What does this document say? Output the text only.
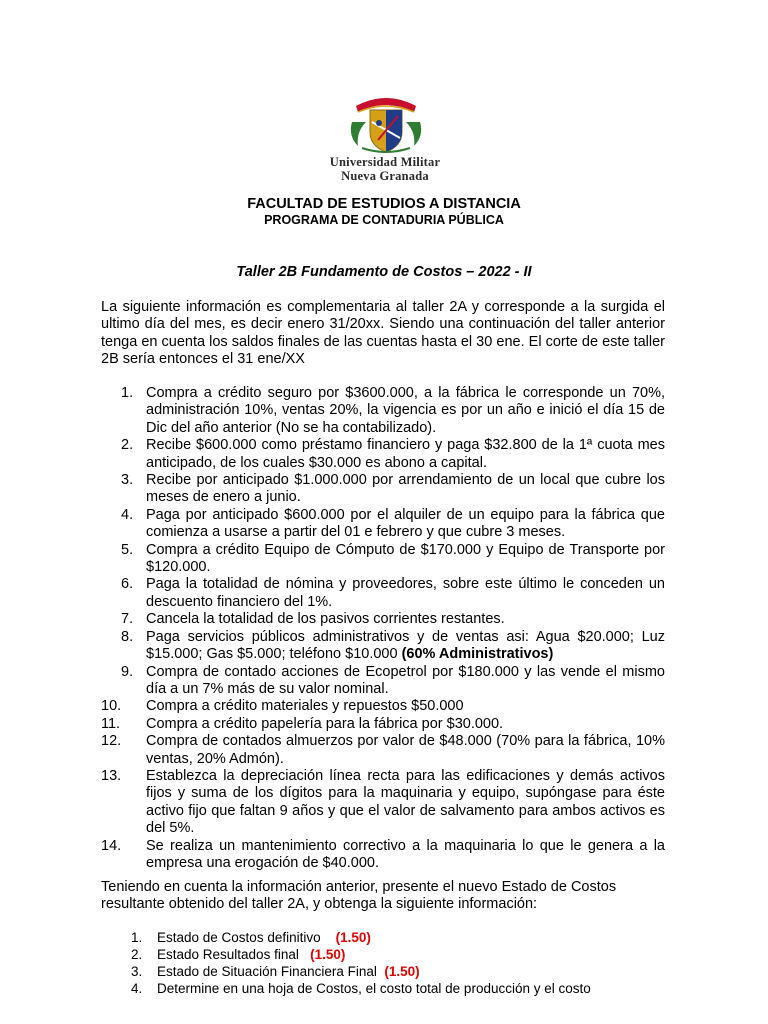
Universidad Militar
Nueva Granada
FACULTAD DE ESTUDIOS A DISTANCIA
PROGRAMA DE CONTADURIA PÚBLICA
Taller 2B Fundamento de Costos – 2022 - II

La siguiente información es complementaria al taller 2A y corresponde a la surgida el ultimo día del mes, es decir enero 31/20xx. Siendo una continuación del taller anterior tenga en cuenta los saldos finales de las cuentas hasta el 30 ene. El corte de este taller 2B sería entonces el 31 ene/XX

1. Compra a crédito seguro por $3600.000, a la fábrica le corresponde un 70%, administración 10%, ventas 20%, la vigencia es por un año e inició el día 15 de Dic del año anterior (No se ha contabilizado).
2. Recibe $600.000 como préstamo financiero y paga $32.800 de la 1ª cuota mes anticipado, de los cuales $30.000 es abono a capital.
3. Recibe por anticipado $1.000.000 por arrendamiento de un local que cubre los meses de enero a junio.
4. Paga por anticipado $600.000 por el alquiler de un equipo para la fábrica que comienza a usarse a partir del 01 e febrero y que cubre 3 meses.
5. Compra a crédito Equipo de Cómputo de $170.000 y Equipo de Transporte por $120.000.
6. Paga la totalidad de nómina y proveedores, sobre este último le conceden un descuento financiero del 1%.
7. Cancela la totalidad de los pasivos corrientes restantes.
8. Paga servicios públicos administrativos y de ventas asi: Agua $20.000; Luz $15.000; Gas $5.000; teléfono $10.000 (60% Administrativos)
9. Compra de contado acciones de Ecopetrol por $180.000 y las vende el mismo día a un 7% más de su valor nominal.
10. Compra a crédito materiales y repuestos $50.000
11. Compra a crédito papelería para la fábrica por $30.000.
12. Compra de contados almuerzos por valor de $48.000 (70% para la fábrica, 10% ventas, 20% Admón).
13. Establezca la depreciación línea recta para las edificaciones y demás activos fijos y suma de los dígitos para la maquinaria y equipo, supóngase para éste activo fijo que faltan 9 años y que el valor de salvamento para ambos activos es del 5%.
14. Se realiza un mantenimiento correctivo a la maquinaria lo que le genera a la empresa una erogación de $40.000.

Teniendo en cuenta la información anterior, presente el nuevo Estado de Costos resultante obtenido del taller 2A, y obtenga la siguiente información:

1. Estado de Costos definitivo (1.50)
2. Estado Resultados final (1.50)
3. Estado de Situación Financiera Final (1.50)
4. Determine en una hoja de Costos, el costo total de producción y el costo
